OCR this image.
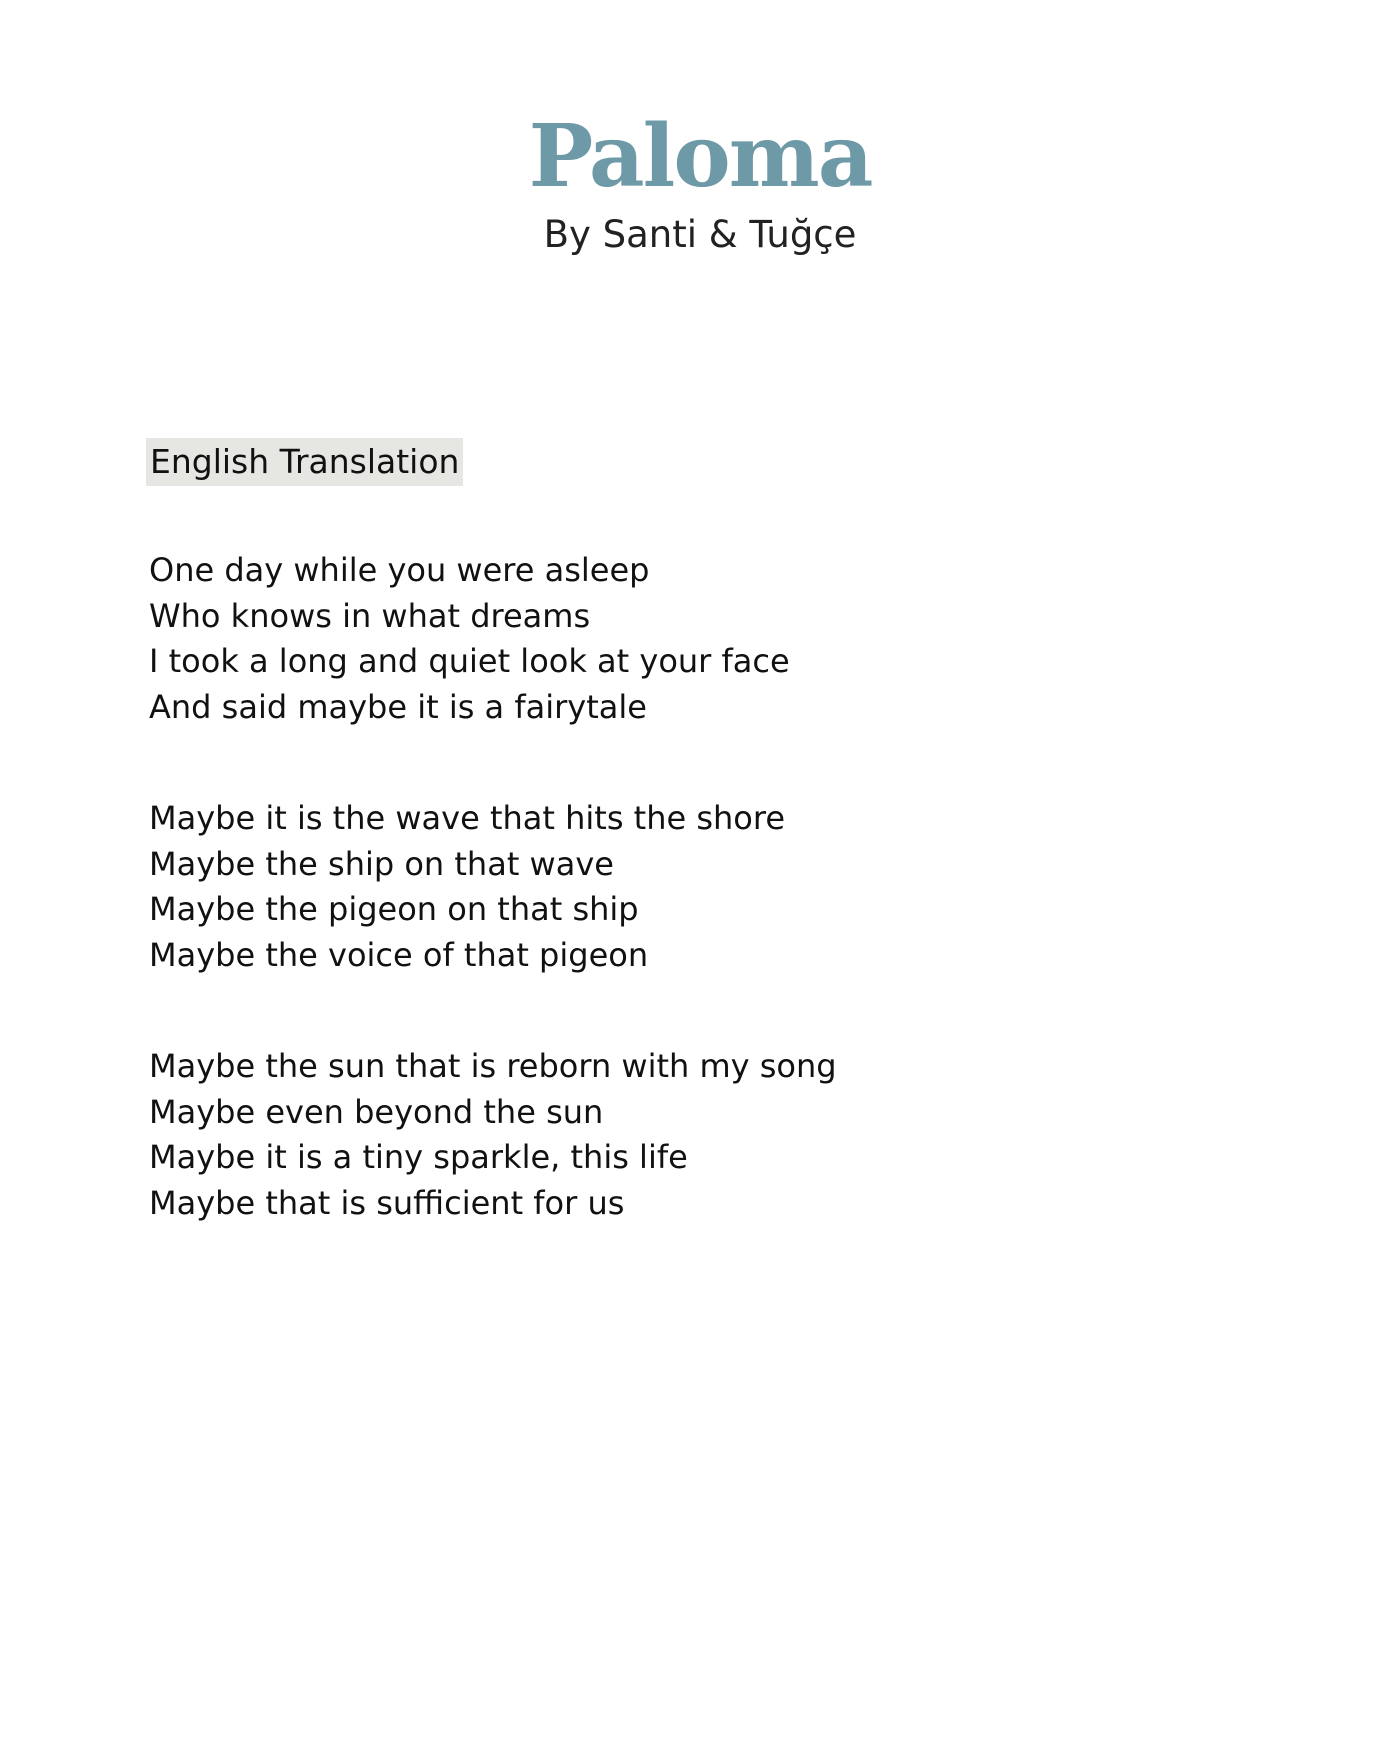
Paloma
By Santi & Tuğçe
English Translation
One day while you were asleep
Who knows in what dreams
I took a long and quiet look at your face
And said maybe it is a fairytale
Maybe it is the wave that hits the shore
Maybe the ship on that wave
Maybe the pigeon on that ship
Maybe the voice of that pigeon
Maybe the sun that is reborn with my song
Maybe even beyond the sun
Maybe it is a tiny sparkle, this life
Maybe that is sufficient for us
